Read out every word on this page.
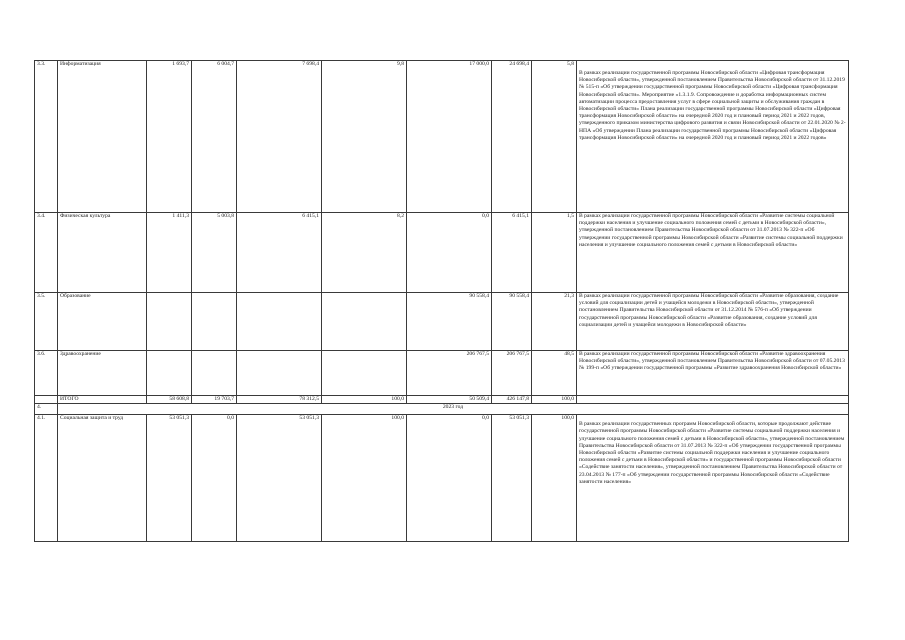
3.3.	Информатизация	1 693,7	6 004,7	7 698,4	9,8	17 000,0	24 698,4	5,8	В рамках реализации государственной программы Новосибирской области «Цифровая трансформация Новосибирской области», утвержденной постановлением Правительства Новосибирской области от 31.12.2019 № 515-п «Об утверждении государственной программы Новосибирской области «Цифровая трансформация Новосибирской области». Мероприятие «1.3.1.9. Сопровождение и доработка информационных систем автоматизации процесса предоставления услуг в сфере социальной защиты и обслуживания граждан в Новосибирской области» Плана реализации государственной программы Новосибирской области «Цифровая трансформация Новосибирской области» на очередной 2020 год и плановый период 2021 и 2022 годов, утвержденного приказом министерства цифрового развития и связи Новосибирской области от 22.01.2020 № 2-НПА «Об утверждении Плана реализации государственной программы Новосибирской области «Цифровая трансформация Новосибирской области» на очередной 2020 год и плановый период 2021 и 2022 годов»

3.4.	Физическая культура	1 411,3	5 003,8	6 415,1	8,2	0,0	6 415,1	1,5	В рамках реализации государственной программы Новосибирской области «Развитие системы социальной поддержки населения и улучшение социального положения семей с детьми в Новосибирской области», утвержденной постановлением Правительства Новосибирской области от 31.07.2013 № 322-п «Об утверждении государственной программы Новосибирской области «Развитие системы социальной поддержки населения и улучшение социального положения семей с детьми в Новосибирской области»

3.5.	Образование					90 558,4	90 558,4	21,3	В рамках реализации государственной программы Новосибирской области «Развитие образования, создание условий для социализации детей и учащейся молодежи в Новосибирской области», утвержденной постановлением Правительства Новосибирской области от 31.12.2014 № 576-п «Об утверждении государственной программы Новосибирской области «Развитие образования, создание условий для социализации детей и учащейся молодежи в Новосибирской области»

3.6.	Здравоохранение					206 767,5	206 767,5	48,5	В рамках реализации государственной программы Новосибирской области «Развитие здравоохранения Новосибирской области», утвержденной постановлением Правительства Новосибирской области от 07.05.2013 № 199-п «Об утверждении государственной программы «Развитие здравоохранения Новосибирской области»

	ИТОГО	58 608,8	19 703,7	78 312,5	100,0	50 509,4	426 147,8	100,0	
4.	2023 год								
4.1.	Социальная защита и труд	53 051,3	0,0	53 051,3	100,0	0,0	53 051,3	100,0	В рамках реализации государственных программ Новосибирской области, которые продолжают действие государственной программы Новосибирской области «Развитие системы социальной поддержки населения и улучшение социального положения семей с детьми в Новосибирской области», утвержденной постановлением Правительства Новосибирской области от 31.07.2013 № 322-п «Об утверждении государственной программы Новосибирской области «Развитие системы социальной поддержки населения и улучшение социального положения семей с детьми в Новосибирской области» и государственной программы Новосибирской области «Содействие занятости населения», утвержденной постановлением Правительства Новосибирской области от 23.04.2013 № 177-п «Об утверждении государственной программы Новосибирской области «Содействие занятости населения»
